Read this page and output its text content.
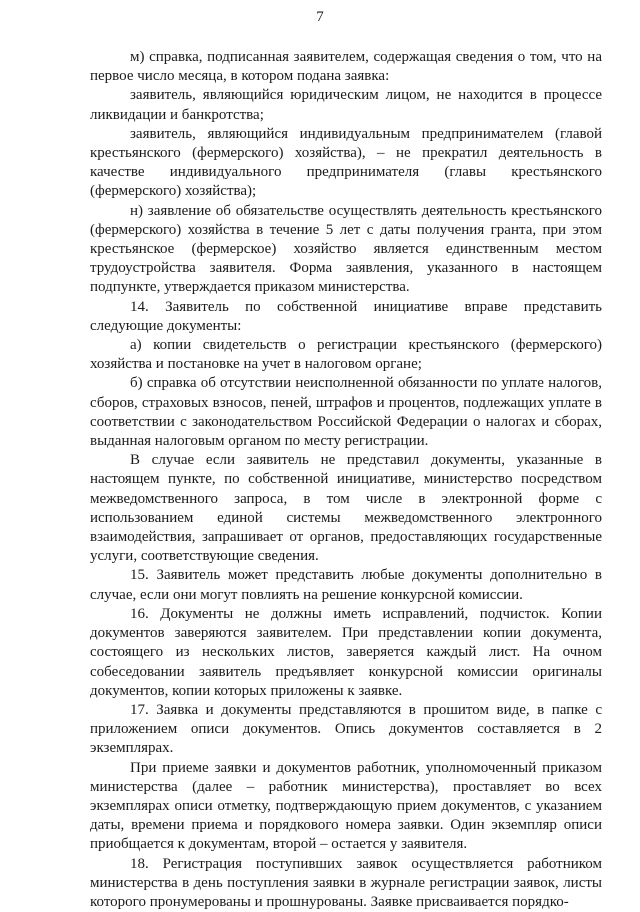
7

м) справка, подписанная заявителем, содержащая сведения о том, что на первое число месяца, в котором подана заявка:

заявитель, являющийся юридическим лицом, не находится в процессе ликвидации и банкротства;

заявитель, являющийся индивидуальным предпринимателем (главой крестьянского (фермерского) хозяйства), – не прекратил деятельность в качестве индивидуального предпринимателя (главы крестьянского (фермерского) хозяйства);

н) заявление об обязательстве осуществлять деятельность крестьянского (фермерского) хозяйства в течение 5 лет с даты получения гранта, при этом крестьянское (фермерское) хозяйство является единственным местом трудоустройства заявителя. Форма заявления, указанного в настоящем подпункте, утверждается приказом министерства.

14. Заявитель по собственной инициативе вправе представить следующие документы:

а) копии свидетельств о регистрации крестьянского (фермерского) хозяйства и постановке на учет в налоговом органе;

б) справка об отсутствии неисполненной обязанности по уплате налогов, сборов, страховых взносов, пеней, штрафов и процентов, подлежащих уплате в соответствии с законодательством Российской Федерации о налогах и сборах, выданная налоговым органом по месту регистрации.

В случае если заявитель не представил документы, указанные в настоящем пункте, по собственной инициативе, министерство посредством межведомственного запроса, в том числе в электронной форме с использованием единой системы межведомственного электронного взаимодействия, запрашивает от органов, предоставляющих государственные услуги, соответствующие сведения.

15. Заявитель может представить любые документы дополнительно в случае, если они могут повлиять на решение конкурсной комиссии.

16. Документы не должны иметь исправлений, подчисток. Копии документов заверяются заявителем. При представлении копии документа, состоящего из нескольких листов, заверяется каждый лист. На очном собеседовании заявитель предъявляет конкурсной комиссии оригиналы документов, копии которых приложены к заявке.

17. Заявка и документы представляются в прошитом виде, в папке с приложением описи документов. Опись документов составляется в 2 экземплярах.

При приеме заявки и документов работник, уполномоченный приказом министерства (далее – работник министерства), проставляет во всех экземплярах описи отметку, подтверждающую прием документов, с указанием даты, времени приема и порядкового номера заявки. Один экземпляр описи приобщается к документам, второй – остается у заявителя.

18. Регистрация поступивших заявок осуществляется работником министерства в день поступления заявки в журнале регистрации заявок, листы которого пронумерованы и прошнурованы. Заявке присваивается порядко-
